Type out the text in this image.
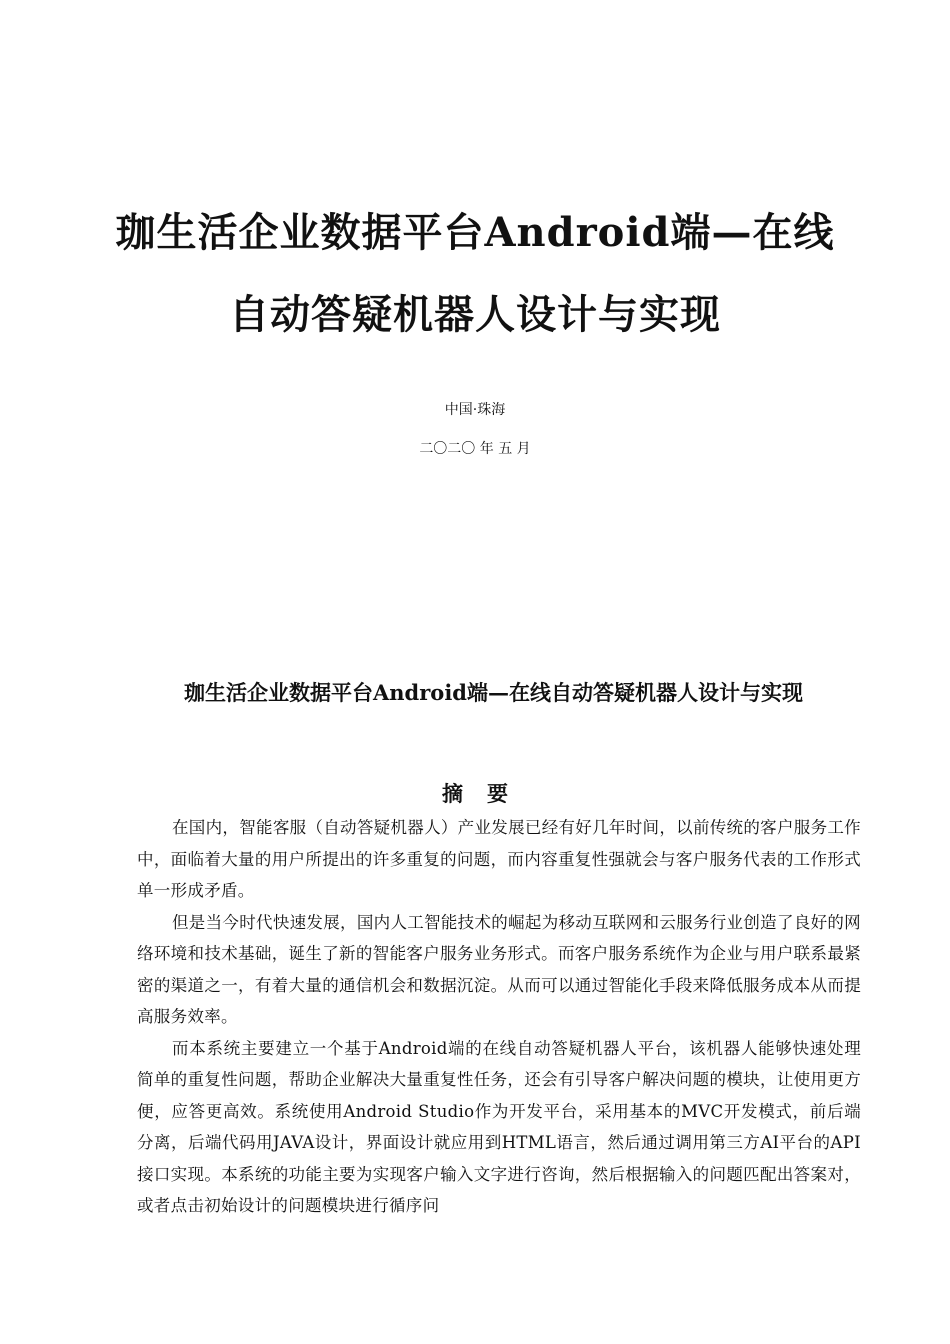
珈生活企业数据平台Android端—在线
自动答疑机器人设计与实现
中国·珠海
二〇二〇 年 五 月
珈生活企业数据平台Android端—在线自动答疑机器人设计与实现
摘要

在国内，智能客服（自动答疑机器人）产业发展已经有好几年时间，以前传统的客户服务工作中，面临着大量的用户所提出的许多重复的问题，而内容重复性强就会与客户服务代表的工作形式单一形成矛盾。

但是当今时代快速发展，国内人工智能技术的崛起为移动互联网和云服务行业创造了良好的网络环境和技术基础，诞生了新的智能客户服务业务形式。而客户服务系统作为企业与用户联系最紧密的渠道之一，有着大量的通信机会和数据沉淀。从而可以通过智能化手段来降低服务成本从而提高服务效率。

而本系统主要建立一个基于Android端的在线自动答疑机器人平台，该机器人能够快速处理简单的重复性问题，帮助企业解决大量重复性任务，还会有引导客户解决问题的模块，让使用更方便，应答更高效。系统使用Android Studio作为开发平台，采用基本的MVC开发模式，前后端分离，后端代码用JAVA设计，界面设计就应用到HTML语言，然后通过调用第三方AI平台的API接口实现。本系统的功能主要为实现客户输入文字进行咨询，然后根据输入的问题匹配出答案对，或者点击初始设计的问题模块进行循序问
